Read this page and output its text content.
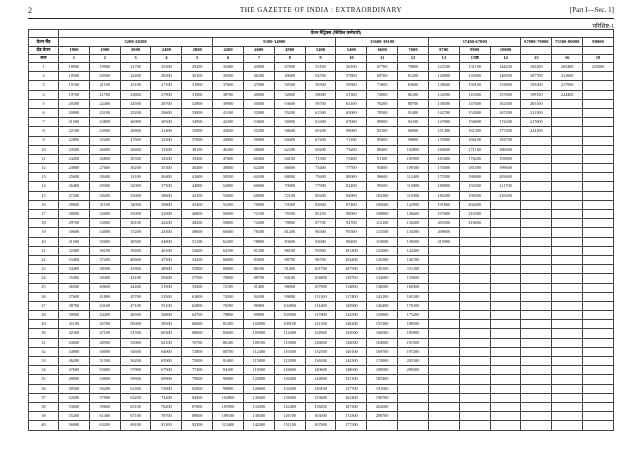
2	THE GAZETTE OF INDIA : EXTRAORDINARY	[Part I—Sec. 1]
परिशिष्ट-1
	वेतन मैट्रिक्स (सिविल कर्मचारी)																	
वेतन बैंड	5200-20200					9300-34800				15600-39100			37400-67000			67000-79000	75500-80000	80000
ग्रेड वेतन	1800	1900	2000	2400	2800	4200	4600	4800	5400	5400	6600	7600	8700	8900	10000			
स्तर	1	2	3	4	5	6	7	8	9	10	11	12	13	13क	14	15	16	18
1	18000	19900	21700	25500	29200	35400	44900	47600	53100	56100	67700	78800	123100	131100	144200	182200	205400	225000
2	18500	20500	22400	26300	30100	36500	46200	49000	54700	57800	69700	81200	126800	135000	148500	187700	211600	
3	19100	21100	23100	27100	31000	37600	47600	50500	56300	59500	71800	83600	130600	139100	153000	193300	217900	
4	19700	21700	23800	27900	31900	38700	49000	52000	58000	61300	74000	86100	134500	143300	157600	199100	224400	
5	20300	22400	24500	28700	32900	39900	50500	53600	59700	63100	76200	88700	138500	147600	162300	205100		
6	20900	23100	25200	29600	33900	41100	52000	55200	61500	65000	78500	91400	142700	152000	167200	211300		
7	21500	23800	26000	30500	34900	42300	53600	56900	63300	67000	80900	94100	147000	156600	172200	217600		
8	22100	24500	26800	31400	35900	43600	55200	58600	65200	69000	83300	96900	151400	161300	177400	224100		
9	22800	25200	27600	32300	37000	44900	56900	60400	67200	71100	85800	99800	155900	166100	182700			
10	23500	26000	28400	33300	38100	46200	58600	62200	69200	73200	88400	102800	160600	171100	188200			
11	24200	26800	29300	34300	39200	47600	60400	64100	71300	75400	91100	105900	165400	176200	193800			
12	24900	27600	30200	35300	40400	49000	62200	66000	73400	77700	93800	109100	170400	181500	199600			
13	25600	28400	31100	36400	41600	50500	64100	68000	75600	80000	96600	112400	175500	186900	205600			
14	26400	29300	32000	37500	42800	52000	66000	70000	77900	82400	99500	115800	180800	192500	211700			
15	27200	30200	33000	38600	44100	53600	68000	72100	80200	84900	102500	119300	186200	198300	218200			
16	28000	31100	34000	39800	45400	55200	70000	74300	82600	87400	105600	122900	191800	204200				
17	28800	32000	35000	41000	46800	56900	72100	76500	85100	90000	108800	126600	197600	210300				
18	29700	33000	36100	42200	48200	58600	74300	78800	87700	92700	112100	130400	203500	216600				
19	30600	34000	37200	43500	49600	60400	76500	81200	90300	95500	115500	134300	209600					
20	31500	35000	38300	44800	51100	62200	78800	83600	93000	98400	119000	138300	215900					
21	32400	36100	39400	46100	52600	64100	81200	86100	95800	101400	122600	142400						
22	33400	37200	40600	47500	54200	66000	83600	88700	98700	104400	126300	146700						
23	34400	38300	41800	48900	55800	68000	86100	91400	101700	107500	130100	151100						
24	35400	39400	43100	50400	57500	70000	88700	94100	104800	110700	134000	155600						
25	36500	40600	44400	51900	59200	72100	91400	96900	107900	114000	138000	160300						
26	37600	41800	45700	53500	61000	74300	94100	99800	111100	117400	142100	165100						
27	38700	43100	47100	55100	62800	76500	96900	102800	114400	120900	146400	170100						
28	39900	44400	48500	56800	64700	78800	99800	105900	117800	124500	150800	175200						
29	41100	45700	50000	58500	66600	81200	102800	109100	121300	128200	155300	180500						
30	42300	47100	51500	60300	68600	83600	105900	112400	124900	132000	160000	185900						
31	43600	48500	53000	62100	70700	86100	109100	115800	128600	136000	164800	191500						
32	44900	50000	54600	64000	72800	88700	112400	119300	132500	140100	169700	197200						
33	46200	51500	56200	65900	75000	91400	115800	122900	136500	144300	174800	203100						
34	47600	53000	57900	67900	77300	94100	119300	126600	140600	148600	180000	209200						
35	49000	54600	59600	69900	79600	96900	122900	130400	144800	153100	185400							
36	50500	56200	61400	72000	82000	99800	126600	134300	149100	157700	191000							
37	52000	57900	63200	74200	84500	102800	130400	138300	153600	162400	196700							
38	53600	59600	65100	76400	87000	105900	134300	142400	158200	167300	202600							
39	55200	61400	67100	78700	89600	109100	138300	146700	163000	172300	208700							
40	56900	63200	69100	81100	92300	112400	142400	151100	167900	177500								
